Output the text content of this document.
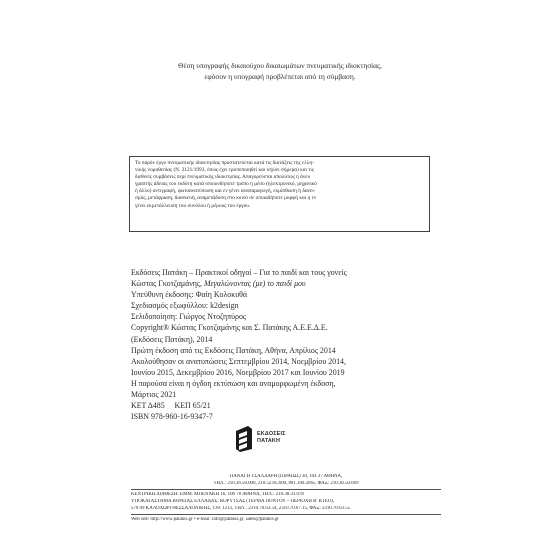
Θέση υπογραφής δικαιούχου δικαιωμάτων πνευματικής ιδιοκτησίας,
εφόσον η υπογραφή προβλέπεται από τη σύμβαση.
Το παρόν έργο πνευματικής ιδιοκτησίας προστατεύεται κατά τις διατάξεις της ελλη-
νικής νομοθεσίας (Ν. 2121/1993, όπως έχει τροποποιηθεί και ισχύει σήμερα) και τις
διεθνείς συμβάσεις περί πνευματικής ιδιοκτησίας. Απαγορεύεται απολύτως η άνευ
γραπτής άδειας του εκδότη κατά οποιονδήποτε τρόπο ή μέσο (ηλεκτρονικό, μηχανικό
ή άλλο) αντιγραφή, φωτοανατύπωση και εν γένει αναπαραγωγή, εκμίσθωση ή δανει-
σμός, μετάφραση, διασκευή, αναμετάδοση στο κοινό σε οποιαδήποτε μορφή και η εν
γένει εκμετάλλευση του συνόλου ή μέρους του έργου.
Εκδόσεις Πατάκη – Πρακτικοί οδηγοί – Για το παιδί και τους γονείς
Κώστας Γκοτζαμάνης, Μεγαλώνοντας (με) το παιδί μου
Υπεύθυνη έκδοσης: Φαίη Κολοκυθά
Σχεδιασμός εξωφύλλου: k2design
Σελιδοποίηση: Γιώργος Ντοζηπύρος
Copyright® Κώστας Γκοτζαμάνης και Σ. Πατάκης Α.Ε.Ε.Δ.Ε.
(Εκδόσεις Πατάκη), 2014
Πρώτη έκδοση από τις Εκδόσεις Πατάκη, Αθήνα, Απρίλιος 2014
Ακολούθησαν οι ανατυπώσεις Σεπτεμβρίου 2014, Νοεμβρίου 2014,
Ιουνίου 2015, Δεκεμβρίου 2016, Νοεμβρίου 2017 και Ιουνίου 2019
Η παρούσα είναι η όγδοη εκτύπωση και αναμορφωμένη έκδοση,
Μάρτιος 2021
ΚΕΤ Δ485     ΚΕΠ 65/21
ISBN 978-960-16-9347-7
ΕΚΔΟΣΕΙΣ
ΠΑΤΑΚΗ
ΠΑΝΑΓΗ ΤΣΑΛΔΑΡΗ (ΠΙΡΑΙΩΣ) 38, 104 37 ΑΘΗΝΑ,
ΤΗΛ.: 210.36.50.000, 210.52.05.600, 801.100.2665, ΦΑΞ: 210.36.50.069
ΚΕΝΤΡΙΚΗ ΔΙΑΘΕΣΗ: ΕΜΜ. ΜΠΕΝΑΚΗ 16, 106 78 ΑΘΗΝΑ, ΤΗΛ.: 210.38.31.078
ΥΠΟΚΑΤΑΣΤΗΜΑ ΒΟΡΕΙΑΣ ΕΛΛΑΔΑΣ: ΚΟΡΥΤΣΑΣ (ΤΕΡΜΑ ΠΟΝΤΟΥ – ΠΕΡΙΟΧΗ Β' ΚΤΕΟ),
570 09 ΚΑΛΟΧΩΡΙ ΘΕΣΣΑΛΟΝΙΚΗΣ, Τ.Θ. 1213, ΤΗΛ.: 2310.70.63.54, 2310.70.67.15, ΦΑΞ: 2310.70.63.55
Web site: http://www.patakis.gr • e-mail: info@patakis.gr, sales@patakis.gr
